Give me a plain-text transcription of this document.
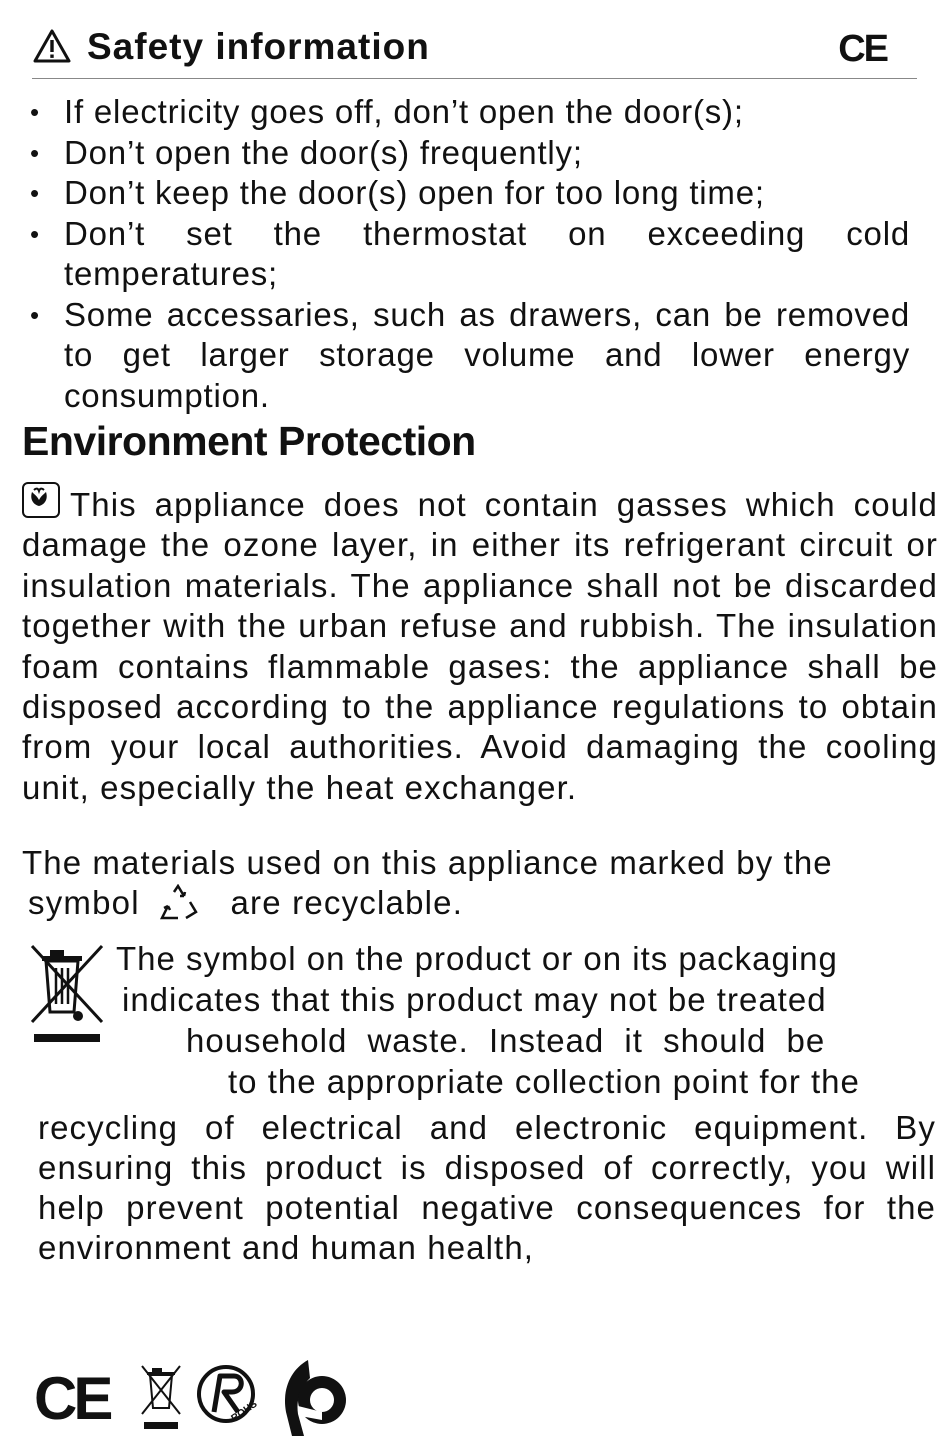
Safety information	CE
• If electricity goes off, don’t open the door(s);
• Don’t open the door(s) frequently;
• Don’t keep the door(s) open for too long time;
• Don’t set the thermostat on exceeding cold temperatures;
• Some accessaries, such as drawers, can be removed to get larger storage volume and lower energy consumption.
Environment Protection
This appliance does not contain gasses which could damage the ozone layer, in either its refrigerant circuit or insulation materials. The appliance shall not be discarded together with the urban refuse and rubbish. The insulation foam contains flammable gases: the appliance shall be disposed according to the appliance regulations to obtain from your local authorities. Avoid damaging the cooling unit, especially the heat exchanger.
The materials used on this appliance marked by the
symbol	are recyclable.
The symbol on the product or on its packaging
indicates that this product may not be treated
household waste. Instead it should be
to the appropriate collection point for the
recycling of electrical and electronic equipment. By ensuring this product is disposed of correctly, you will help prevent potential negative consequences for the environment and human health,
CE	ROHS
